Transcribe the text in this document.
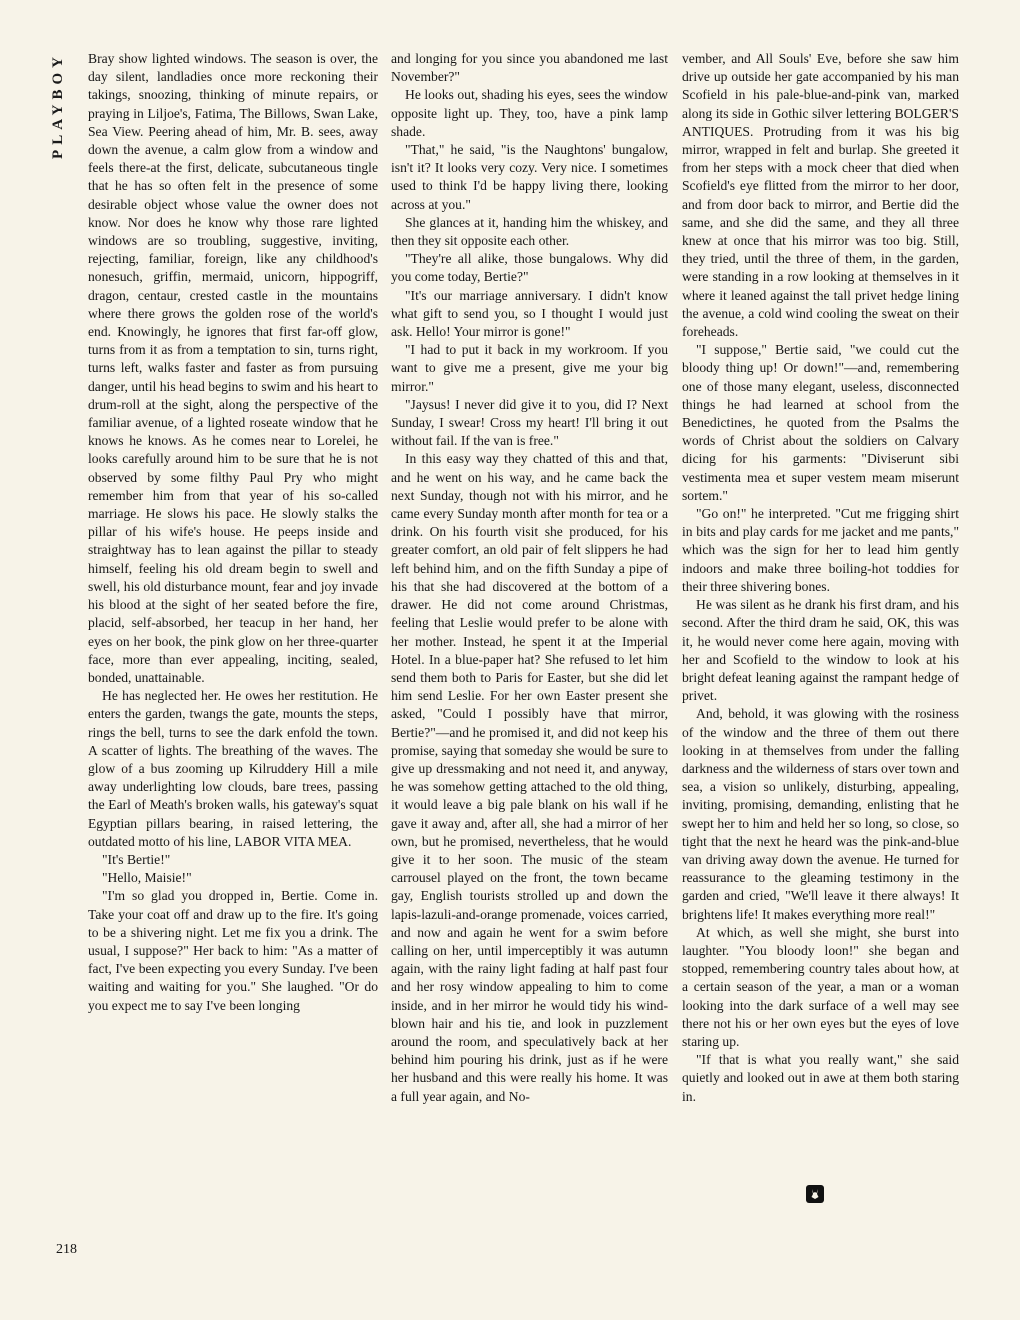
PLAYBOY	Bray show lighted windows. The season is over, the day silent, landladies once more reckoning their takings, snoozing, thinking of minute repairs, or praying in Liljoe's, Fatima, The Billows, Swan Lake, Sea View. Peering ahead of him, Mr. B. sees, away down the avenue, a calm glow from a window and feels there-at the first, delicate, subcutaneous tingle that he has so often felt in the presence of some desirable object whose value the owner does not know. Nor does he know why those rare lighted windows are so troubling, suggestive, inviting, rejecting, familiar, foreign, like any childhood's nonesuch, griffin, mermaid, unicorn, hippogriff, dragon, centaur, crested castle in the mountains where there grows the golden rose of the world's end. Knowingly, he ignores that first far-off glow, turns from it as from a temptation to sin, turns right, turns left, walks faster and faster as from pursuing danger, until his head begins to swim and his heart to drum-roll at the sight, along the perspective of the familiar avenue, of a lighted roseate window that he knows he knows. As he comes near to Lorelei, he looks carefully around him to be sure that he is not observed by some filthy Paul Pry who might remember him from that year of his so-called marriage. He slows his pace. He slowly stalks the pillar of his wife's house. He peeps inside and straightway has to lean against the pillar to steady himself, feeling his old dream begin to swell and swell, his old disturbance mount, fear and joy invade his blood at the sight of her seated before the fire, placid, self-absorbed, her teacup in her hand, her eyes on her book, the pink glow on her three-quarter face, more than ever appealing, inciting, sealed, bonded, unattainable.

He has neglected her. He owes her restitution. He enters the garden, twangs the gate, mounts the steps, rings the bell, turns to see the dark enfold the town. A scatter of lights. The breathing of the waves. The glow of a bus zooming up Kilruddery Hill a mile away underlighting low clouds, bare trees, passing the Earl of Meath's broken walls, his gateway's squat Egyptian pillars bearing, in raised lettering, the outdated motto of his line, LABOR VITA MEA.

"It's Bertie!"

"Hello, Maisie!"

"I'm so glad you dropped in, Bertie. Come in. Take your coat off and draw up to the fire. It's going to be a shivering night. Let me fix you a drink. The usual, I suppose?" Her back to him: "As a matter of fact, I've been expecting you every Sunday. I've been waiting and waiting for you." She laughed. "Or do you expect me to say I've been longing

and longing for you since you abandoned me last November?"

He looks out, shading his eyes, sees the window opposite light up. They, too, have a pink lamp shade.

"That," he said, "is the Naughtons' bungalow, isn't it? It looks very cozy. Very nice. I sometimes used to think I'd be happy living there, looking across at you."

She glances at it, handing him the whiskey, and then they sit opposite each other.

"They're all alike, those bungalows. Why did you come today, Bertie?"

"It's our marriage anniversary. I didn't know what gift to send you, so I thought I would just ask. Hello! Your mirror is gone!"

"I had to put it back in my workroom. If you want to give me a present, give me your big mirror."

"Jaysus! I never did give it to you, did I? Next Sunday, I swear! Cross my heart! I'll bring it out without fail. If the van is free."

In this easy way they chatted of this and that, and he went on his way, and he came back the next Sunday, though not with his mirror, and he came every Sunday month after month for tea or a drink. On his fourth visit she produced, for his greater comfort, an old pair of felt slippers he had left behind him, and on the fifth Sunday a pipe of his that she had discovered at the bottom of a drawer. He did not come around Christmas, feeling that Leslie would prefer to be alone with her mother. Instead, he spent it at the Imperial Hotel. In a blue-paper hat? She refused to let him send them both to Paris for Easter, but she did let him send Leslie. For her own Easter present she asked, "Could I possibly have that mirror, Bertie?"—and he promised it, and did not keep his promise, saying that someday she would be sure to give up dressmaking and not need it, and anyway, he was somehow getting attached to the old thing, it would leave a big pale blank on his wall if he gave it away and, after all, she had a mirror of her own, but he promised, nevertheless, that he would give it to her soon. The music of the steam carrousel played on the front, the town became gay, English tourists strolled up and down the lapis-lazuli-and-orange promenade, voices carried, and now and again he went for a swim before calling on her, until imperceptibly it was autumn again, with the rainy light fading at half past four and her rosy window appealing to him to come inside, and in her mirror he would tidy his wind-blown hair and his tie, and look in puzzlement around the room, and speculatively back at her behind him pouring his drink, just as if he were her husband and this were really his home. It was a full year again, and No-

vember, and All Souls' Eve, before she saw him drive up outside her gate accompanied by his man Scofield in his pale-blue-and-pink van, marked along its side in Gothic silver lettering BOLGER'S ANTIQUES. Protruding from it was his big mirror, wrapped in felt and burlap. She greeted it from her steps with a mock cheer that died when Scofield's eye flitted from the mirror to her door, and from door back to mirror, and Bertie did the same, and she did the same, and they all three knew at once that his mirror was too big. Still, they tried, until the three of them, in the garden, were standing in a row looking at themselves in it where it leaned against the tall privet hedge lining the avenue, a cold wind cooling the sweat on their foreheads.

"I suppose," Bertie said, "we could cut the bloody thing up! Or down!"—and, remembering one of those many elegant, useless, disconnected things he had learned at school from the Benedictines, he quoted from the Psalms the words of Christ about the soldiers on Calvary dicing for his garments: "Diviserunt sibi vestimenta mea et super vestem meam miserunt sortem."

"Go on!" he interpreted. "Cut me frigging shirt in bits and play cards for me jacket and me pants," which was the sign for her to lead him gently indoors and make three boiling-hot toddies for their three shivering bones.

He was silent as he drank his first dram, and his second. After the third dram he said, OK, this was it, he would never come here again, moving with her and Scofield to the window to look at his bright defeat leaning against the rampant hedge of privet.

And, behold, it was glowing with the rosiness of the window and the three of them out there looking in at themselves from under the falling darkness and the wilderness of stars over town and sea, a vision so unlikely, disturbing, appealing, inviting, promising, demanding, enlisting that he swept her to him and held her so long, so close, so tight that the next he heard was the pink-and-blue van driving away down the avenue. He turned for reassurance to the gleaming testimony in the garden and cried, "We'll leave it there always! It brightens life! It makes everything more real!"

At which, as well she might, she burst into laughter. "You bloody loon!" she began and stopped, remembering country tales about how, at a certain season of the year, a man or a woman looking into the dark surface of a well may see there not his or her own eyes but the eyes of love staring up.

"If that is what you really want," she said quietly and looked out in awe at them both staring in.

218
